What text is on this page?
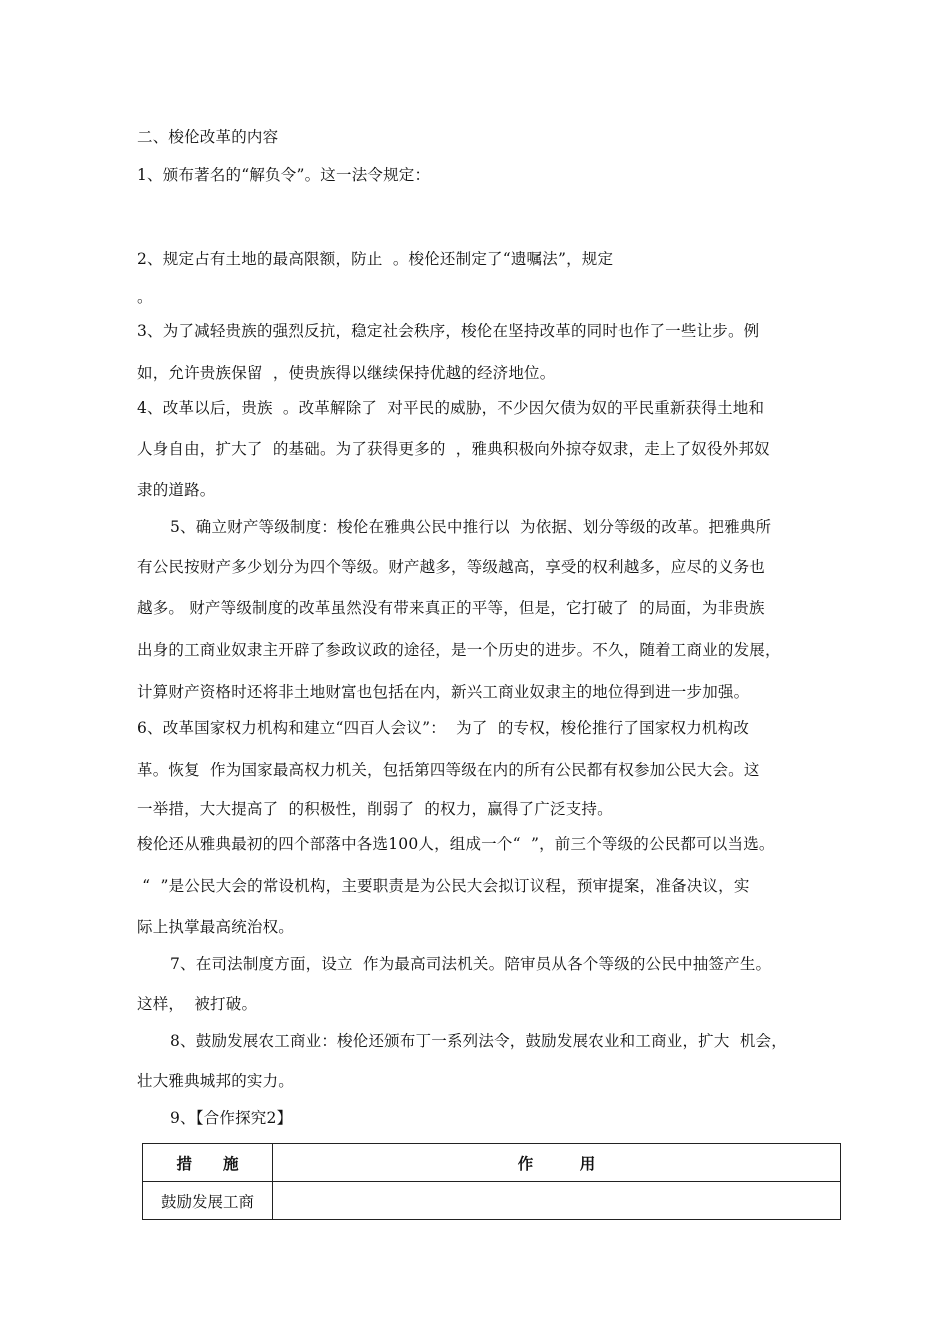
二、梭伦改革的内容
1、颁布著名的“解负令”。这一法令规定：
2、规定占有土地的最高限额，防止  。梭伦还制定了“遗嘱法”，规定
。
3、为了减轻贵族的强烈反抗，稳定社会秩序，梭伦在坚持改革的同时也作了一些让步。例
如，允许贵族保留  ，使贵族得以继续保持优越的经济地位。
4、改革以后，贵族  。改革解除了  对平民的威胁，不少因欠债为奴的平民重新获得土地和
人身自由，扩大了  的基础。为了获得更多的  ，雅典积极向外掠夺奴隶，走上了奴役外邦奴
隶的道路。
5、确立财产等级制度：梭伦在雅典公民中推行以  为依据、划分等级的改革。把雅典所
有公民按财产多少划分为四个等级。财产越多，等级越高，享受的权利越多，应尽的义务也
越多。 财产等级制度的改革虽然没有带来真正的平等，但是，它打破了  的局面，为非贵族
出身的工商业奴隶主开辟了参政议政的途径，是一个历史的进步。不久，随着工商业的发展，
计算财产资格时还将非土地财富也包括在内，新兴工商业奴隶主的地位得到进一步加强。
6、改革国家权力机构和建立“四百人会议”：  为了  的专权，梭伦推行了国家权力机构改
革。恢复  作为国家最高权力机关，包括第四等级在内的所有公民都有权参加公民大会。这
一举措，大大提高了  的积极性，削弱了  的权力，赢得了广泛支持。
梭伦还从雅典最初的四个部落中各选100人，组成一个“  ”，前三个等级的公民都可以当选。
“  ”是公民大会的常设机构，主要职责是为公民大会拟订议程，预审提案，准备决议，实
际上执掌最高统治权。
7、在司法制度方面，设立  作为最高司法机关。陪审员从各个等级的公民中抽签产生。
这样，  被打破。
8、鼓励发展农工商业：梭伦还颁布丁一系列法令，鼓励发展农业和工商业，扩大  机会，
壮大雅典城邦的实力。
9、【合作探究2】
措　　施	作　　　用
鼓励发展工商	
